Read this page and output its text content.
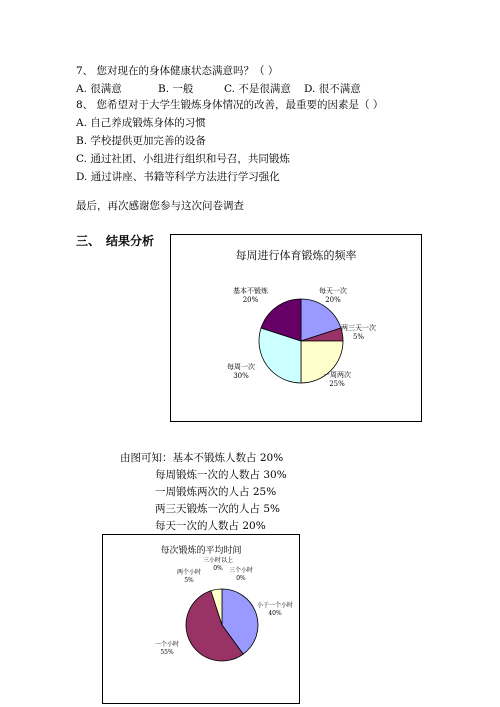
7、 您对现在的身体健康状态满意吗？（ ）
A. 很满意	B. 一般	C. 不是很满意 D. 很不满意
8、 您希望对于大学生锻炼身体情况的改善，最重要的因素是（ ）
A. 自己养成锻炼身体的习惯
B. 学校提供更加完善的设备
C. 通过社团、小组进行组织和号召，共同锻炼
D. 通过讲座、书籍等科学方法进行学习强化
最后，再次感谢您参与这次问卷调查
三、 结果分析
每周进行体育锻炼的频率
每天一次
20%
两三天一次
5%
一周两次
25%
每周一次
30%
基本不锻炼
20%
由图可知：基本不锻炼人数占 20%
每周锻炼一次的人数占 30%
一周锻炼两次的人占 25%
两三天锻炼一次的人占 5%
每天一次的人数占 20%
每次锻炼的平均时间
小于一个小时
40%
一个小时
55%
两个小时
5%
三小时以上
0%	三个小时
0%
